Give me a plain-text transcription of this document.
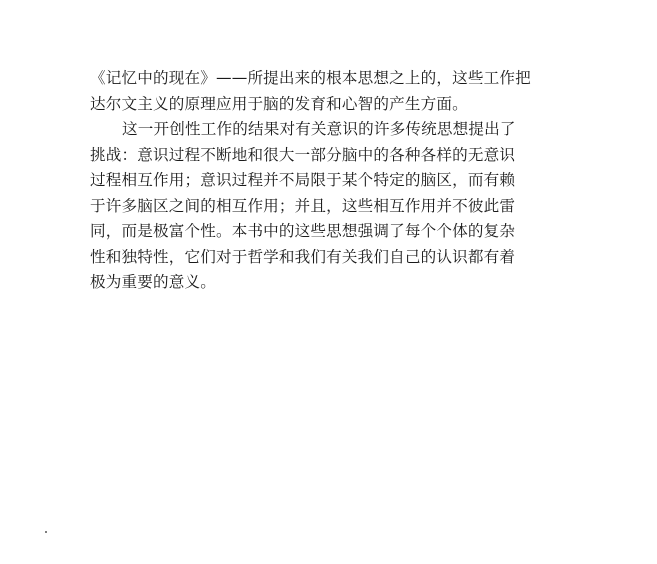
《记忆中的现在》——所提出来的根本思想之上的，这些工作把
达尔文主义的原理应用于脑的发育和心智的产生方面。
这一开创性工作的结果对有关意识的许多传统思想提出了
挑战：意识过程不断地和很大一部分脑中的各种各样的无意识
过程相互作用；意识过程并不局限于某个特定的脑区，而有赖
于许多脑区之间的相互作用；并且，这些相互作用并不彼此雷
同，而是极富个性。本书中的这些思想强调了每个个体的复杂
性和独特性，它们对于哲学和我们有关我们自己的认识都有着
极为重要的意义。
